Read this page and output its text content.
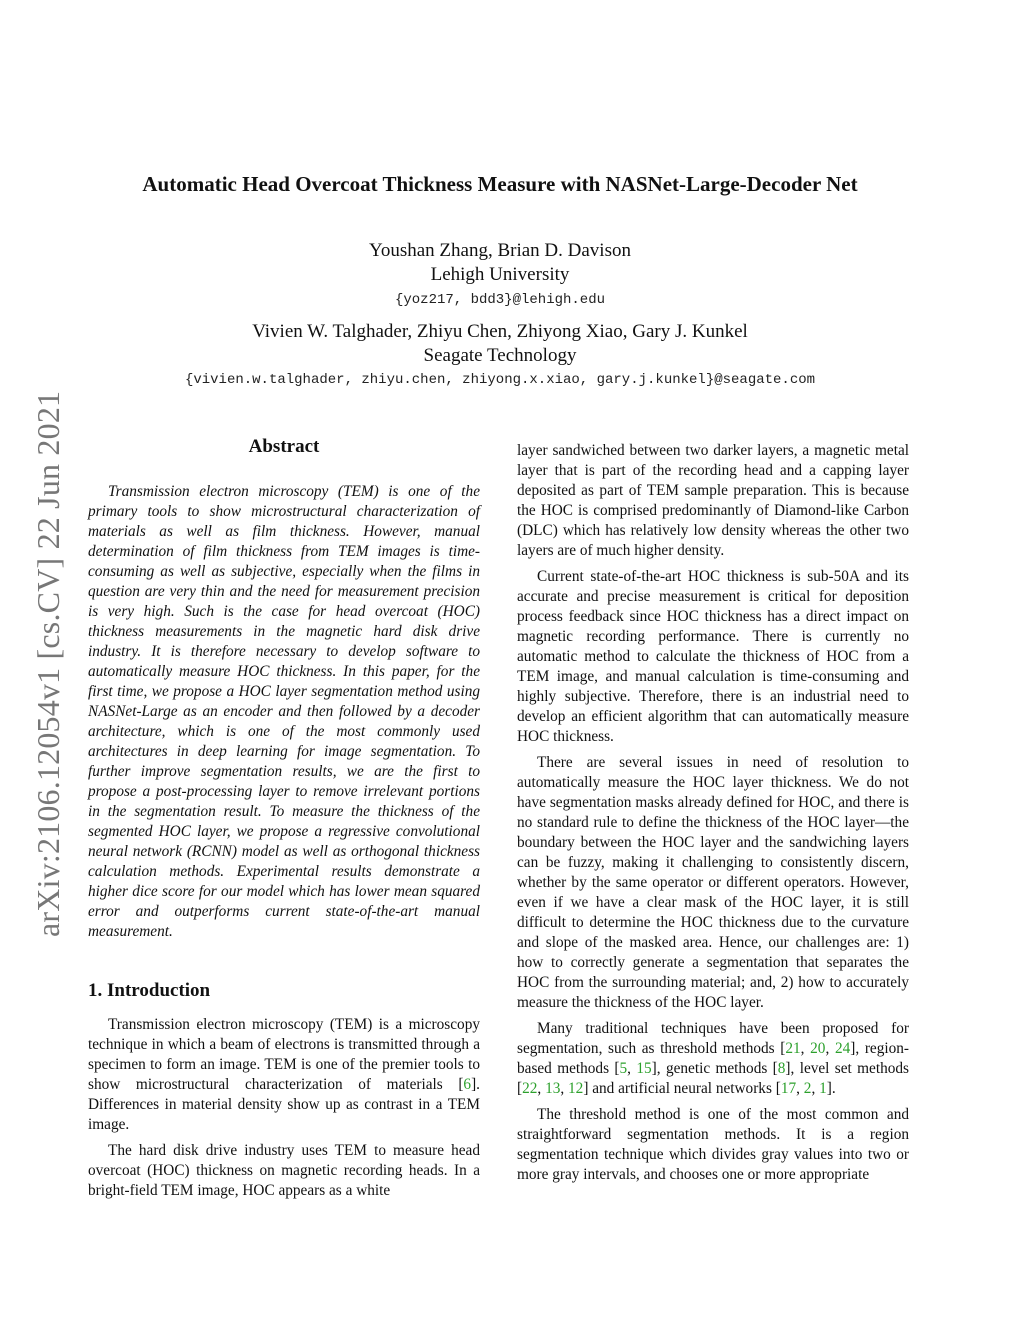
arXiv:2106.12054v1 [cs.CV] 22 Jun 2021
Automatic Head Overcoat Thickness Measure with NASNet-Large-Decoder Net
Youshan Zhang, Brian D. Davison
Lehigh University
{yoz217, bdd3}@lehigh.edu
Vivien W. Talghader, Zhiyu Chen, Zhiyong Xiao, Gary J. Kunkel
Seagate Technology
{vivien.w.talghader, zhiyu.chen, zhiyong.x.xiao, gary.j.kunkel}@seagate.com
Abstract

Transmission electron microscopy (TEM) is one of the primary tools to show microstructural characterization of materials as well as film thickness. However, manual determination of film thickness from TEM images is time-consuming as well as subjective, especially when the films in question are very thin and the need for measurement precision is very high. Such is the case for head overcoat (HOC) thickness measurements in the magnetic hard disk drive industry. It is therefore necessary to develop software to automatically measure HOC thickness. In this paper, for the first time, we propose a HOC layer segmentation method using NASNet-Large as an encoder and then followed by a decoder architecture, which is one of the most commonly used architectures in deep learning for image segmentation. To further improve segmentation results, we are the first to propose a post-processing layer to remove irrelevant portions in the segmentation result. To measure the thickness of the segmented HOC layer, we propose a regressive convolutional neural network (RCNN) model as well as orthogonal thickness calculation methods. Experimental results demonstrate a higher dice score for our model which has lower mean squared error and outperforms current state-of-the-art manual measurement.

1. Introduction

Transmission electron microscopy (TEM) is a microscopy technique in which a beam of electrons is transmitted through a specimen to form an image. TEM is one of the premier tools to show microstructural characterization of materials [6]. Differences in material density show up as contrast in a TEM image.

The hard disk drive industry uses TEM to measure head overcoat (HOC) thickness on magnetic recording heads. In a bright-field TEM image, HOC appears as a white

layer sandwiched between two darker layers, a magnetic metal layer that is part of the recording head and a capping layer deposited as part of TEM sample preparation. This is because the HOC is comprised predominantly of Diamond-like Carbon (DLC) which has relatively low density whereas the other two layers are of much higher density.

Current state-of-the-art HOC thickness is sub-50A and its accurate and precise measurement is critical for deposition process feedback since HOC thickness has a direct impact on magnetic recording performance. There is currently no automatic method to calculate the thickness of HOC from a TEM image, and manual calculation is time-consuming and highly subjective. Therefore, there is an industrial need to develop an efficient algorithm that can automatically measure HOC thickness.

There are several issues in need of resolution to automatically measure the HOC layer thickness. We do not have segmentation masks already defined for HOC, and there is no standard rule to define the thickness of the HOC layer—the boundary between the HOC layer and the sandwiching layers can be fuzzy, making it challenging to consistently discern, whether by the same operator or different operators. However, even if we have a clear mask of the HOC layer, it is still difficult to determine the HOC thickness due to the curvature and slope of the masked area. Hence, our challenges are: 1) how to correctly generate a segmentation that separates the HOC from the surrounding material; and, 2) how to accurately measure the thickness of the HOC layer.

Many traditional techniques have been proposed for segmentation, such as threshold methods [21, 20, 24], region-based methods [5, 15], genetic methods [8], level set methods [22, 13, 12] and artificial neural networks [17, 2, 1].

The threshold method is one of the most common and straightforward segmentation methods. It is a region segmentation technique which divides gray values into two or more gray intervals, and chooses one or more appropriate
